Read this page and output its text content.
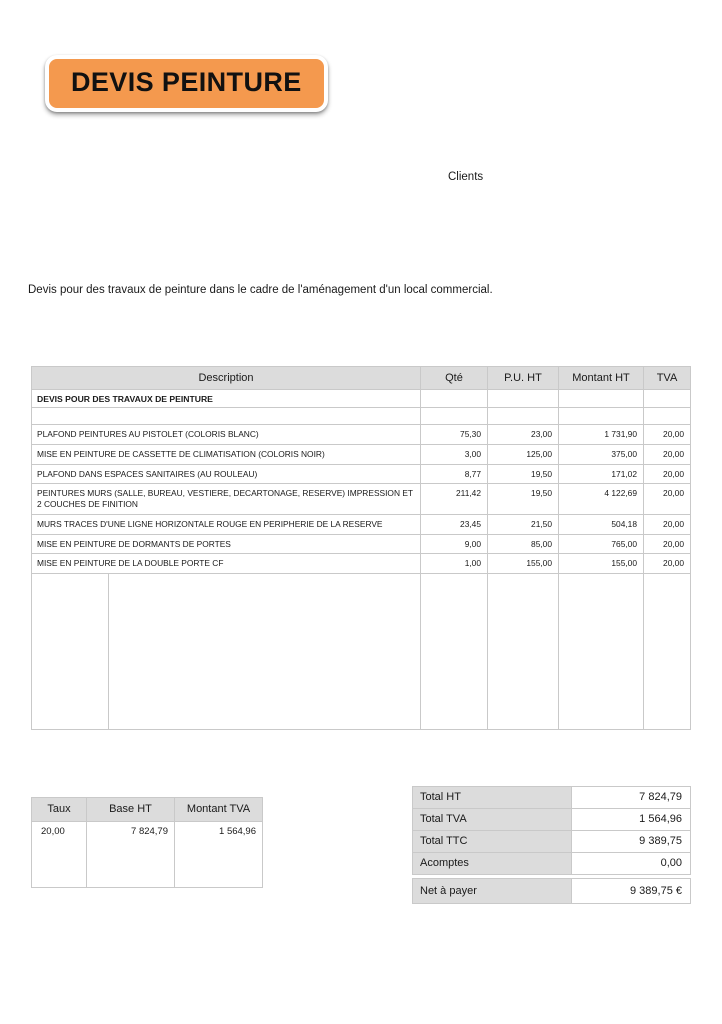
DEVIS PEINTURE
Clients
Devis pour des travaux de peinture dans le cadre de l'aménagement d'un local commercial.
Description	Qté	P.U. HT	Montant HT	TVA
DEVIS POUR DES TRAVAUX DE PEINTURE				

PLAFOND PEINTURES AU PISTOLET (COLORIS BLANC)	75,30	23,00	1 731,90	20,00
MISE EN PEINTURE DE CASSETTE DE CLIMATISATION (COLORIS NOIR)	3,00	125,00	375,00	20,00
PLAFOND DANS ESPACES SANITAIRES (AU ROULEAU)	8,77	19,50	171,02	20,00
PEINTURES MURS (SALLE, BUREAU, VESTIERE, DECARTONAGE, RESERVE) IMPRESSION ET 2 COUCHES DE FINITION	211,42	19,50	4 122,69	20,00
MURS TRACES D'UNE LIGNE HORIZONTALE ROUGE EN PERIPHERIE DE LA RESERVE	23,45	21,50	504,18	20,00
MISE EN PEINTURE DE DORMANTS DE PORTES	9,00	85,00	765,00	20,00
MISE EN PEINTURE DE LA DOUBLE PORTE CF	1,00	155,00	155,00	20,00

Taux	Base HT	Montant TVA
20,00	7 824,79	1 564,96
Total HT	7 824,79
Total TVA	1 564,96
Total TTC	9 389,75
Acomptes	0,00
Net à payer	9 389,75 €
